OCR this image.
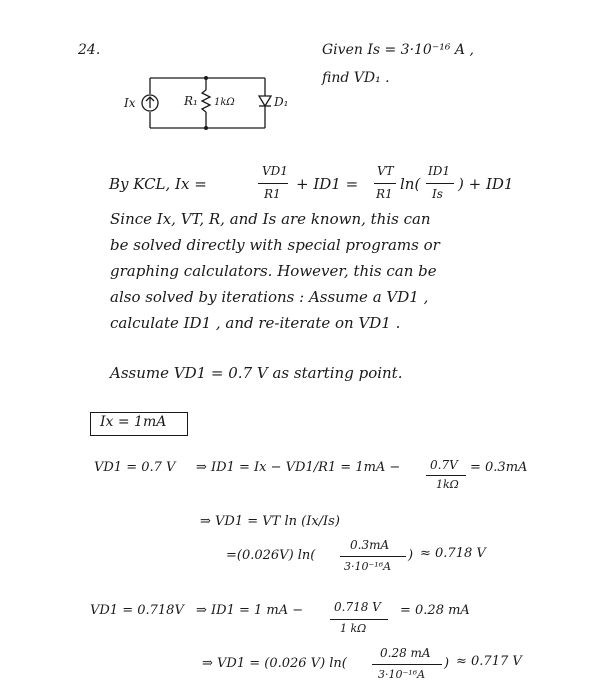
24.	Given Is = 3·10⁻¹⁶ A ,
find VD₁ .
Ix	R₁ 1kΩ	D₁
By KCL, Ix =
VD1
R1
+ ID1 =
VT
R1
ln(
ID1
Is
) + ID1
Since Ix, VT, R, and Is are known, this can
be solved directly with special programs or
graphing calculators. However, this can be
also solved by iterations : Assume a VD1 ,
calculate ID1 , and re-iterate on VD1 .
Assume VD1 = 0.7 V as starting point.
Ix = 1mA
VD1 = 0.7 V ⇒ ID1 = Ix − VD1/R1 = 1mA − 0.7V
1kΩ
= 0.3mA
⇒ VD1 = VT ln (Ix/Is)
=(0.026V) ln(
0.3mA
3·10⁻¹⁶A
) ≈ 0.718 V
VD1 = 0.718V ⇒ ID1 = 1 mA −	0.718 V
1 kΩ
= 0.28 mA
⇒ VD1 = (0.026 V) ln(
0.28 mA
3·10⁻¹⁶A
) ≈ 0.717 V
